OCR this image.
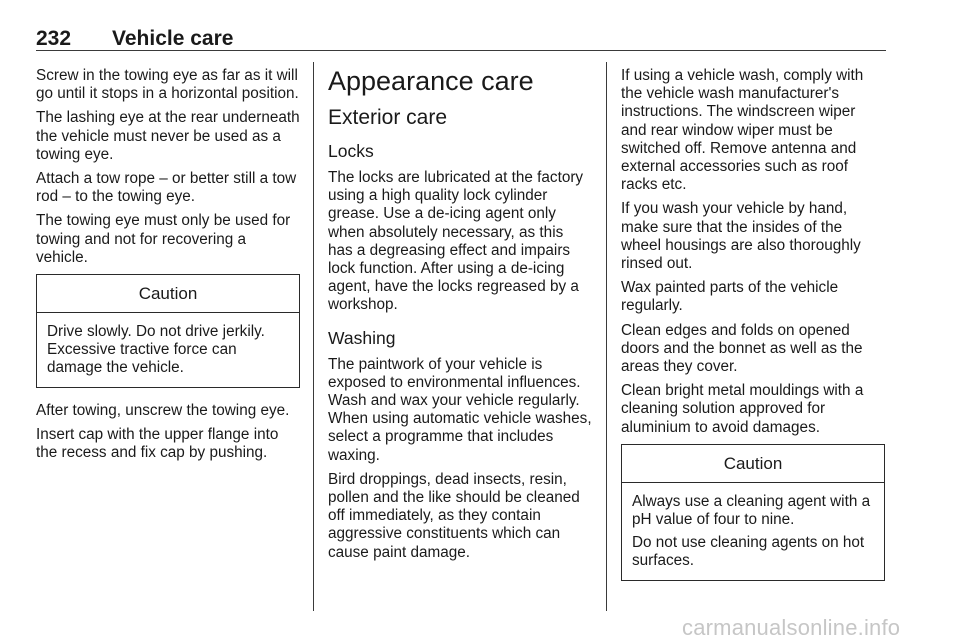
232 Vehicle care

Screw in the towing eye as far as it will go until it stops in a horizontal position.

The lashing eye at the rear underneath the vehicle must never be used as a towing eye.

Attach a tow rope – or better still a tow rod – to the towing eye.

The towing eye must only be used for towing and not for recovering a vehicle.

Caution

Drive slowly. Do not drive jerkily. Excessive tractive force can damage the vehicle.

After towing, unscrew the towing eye.

Insert cap with the upper flange into the recess and fix cap by pushing.

Appearance care
Exterior care
Locks

The locks are lubricated at the factory using a high quality lock cylinder grease. Use a de-icing agent only when absolutely necessary, as this has a degreasing effect and impairs lock function. After using a de-icing agent, have the locks regreased by a workshop.

Washing

The paintwork of your vehicle is exposed to environmental influences. Wash and wax your vehicle regularly. When using automatic vehicle washes, select a programme that includes waxing.

Bird droppings, dead insects, resin, pollen and the like should be cleaned off immediately, as they contain aggressive constituents which can cause paint damage.

If using a vehicle wash, comply with the vehicle wash manufacturer's instructions. The windscreen wiper and rear window wiper must be switched off. Remove antenna and external accessories such as roof racks etc.

If you wash your vehicle by hand, make sure that the insides of the wheel housings are also thoroughly rinsed out.

Wax painted parts of the vehicle regularly.

Clean edges and folds on opened doors and the bonnet as well as the areas they cover.

Clean bright metal mouldings with a cleaning solution approved for aluminium to avoid damages.

Caution

Always use a cleaning agent with a pH value of four to nine.

Do not use cleaning agents on hot surfaces.

carmanualsonline.info
